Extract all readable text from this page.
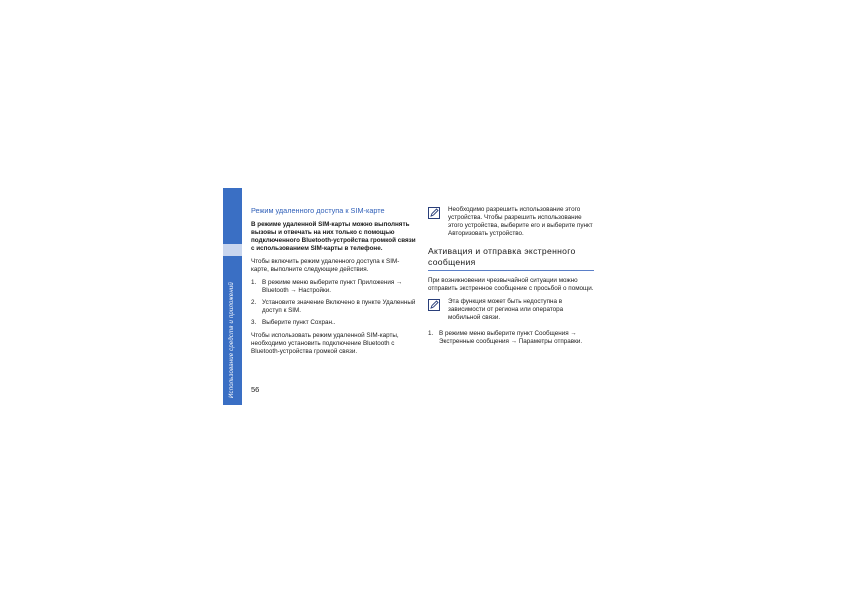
Использование средств и приложений
Режим удаленного доступа к SIM-карте

В режиме удаленной SIM-карты можно выполнять вызовы и отвечать на них только с помощью подключенного Bluetooth-устройства громкой связи с использованием SIM-карты в телефоне.

Чтобы включить режим удаленного доступа к SIM-карте, выполните следующие действия.

1. В режиме меню выберите пункт Приложения → Bluetooth → Настройки.
2. Установите значение Включено в пункте Удаленный доступ к SIM.
3. Выберите пункт Сохран..

Чтобы использовать режим удаленной SIM-карты, необходимо установить подключение Bluetooth с Bluetooth-устройства громкой связи.

Необходимо разрешить использование этого устройства. Чтобы разрешить использование этого устройства, выберите его и выберите пункт Авторизовать устройство.
Активация и отправка экстренного сообщения

При возникновении чрезвычайной ситуации можно отправить экстренное сообщение с просьбой о помощи.

Эта функция может быть недоступна в зависимости от региона или оператора мобильной связи.
1. В режиме меню выберите пункт Сообщения → Экстренные сообщения → Параметры отправки.
56
